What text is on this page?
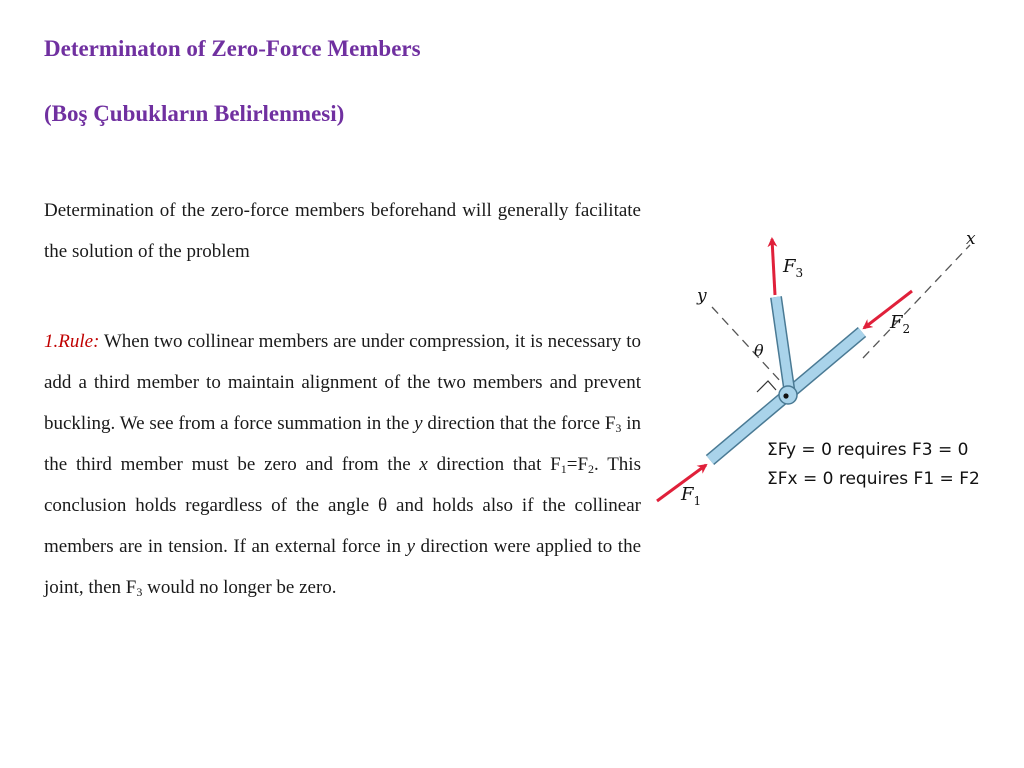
Determinaton of Zero-Force Members
(Boş Çubukların Belirlenmesi)

Determination of the zero-force members beforehand will generally facilitate the solution of the problem

1.Rule: When two collinear members are under compression, it is necessary to add a third member to maintain alignment of the two members and prevent buckling. We see from a force summation in the y direction that the force $F_3$ in the third member must be zero and from the x direction that $F_1=F_2$. This conclusion holds regardless of the angle θ and holds also if the collinear members are in tension. If an external force in y direction were applied to the joint, then $F_3$ would no longer be zero.

x
y
θ
$F_3$
$F_2$
$F_1$
ΣFy = 0 requires F3 = 0
ΣFx = 0 requires F1 = F2
